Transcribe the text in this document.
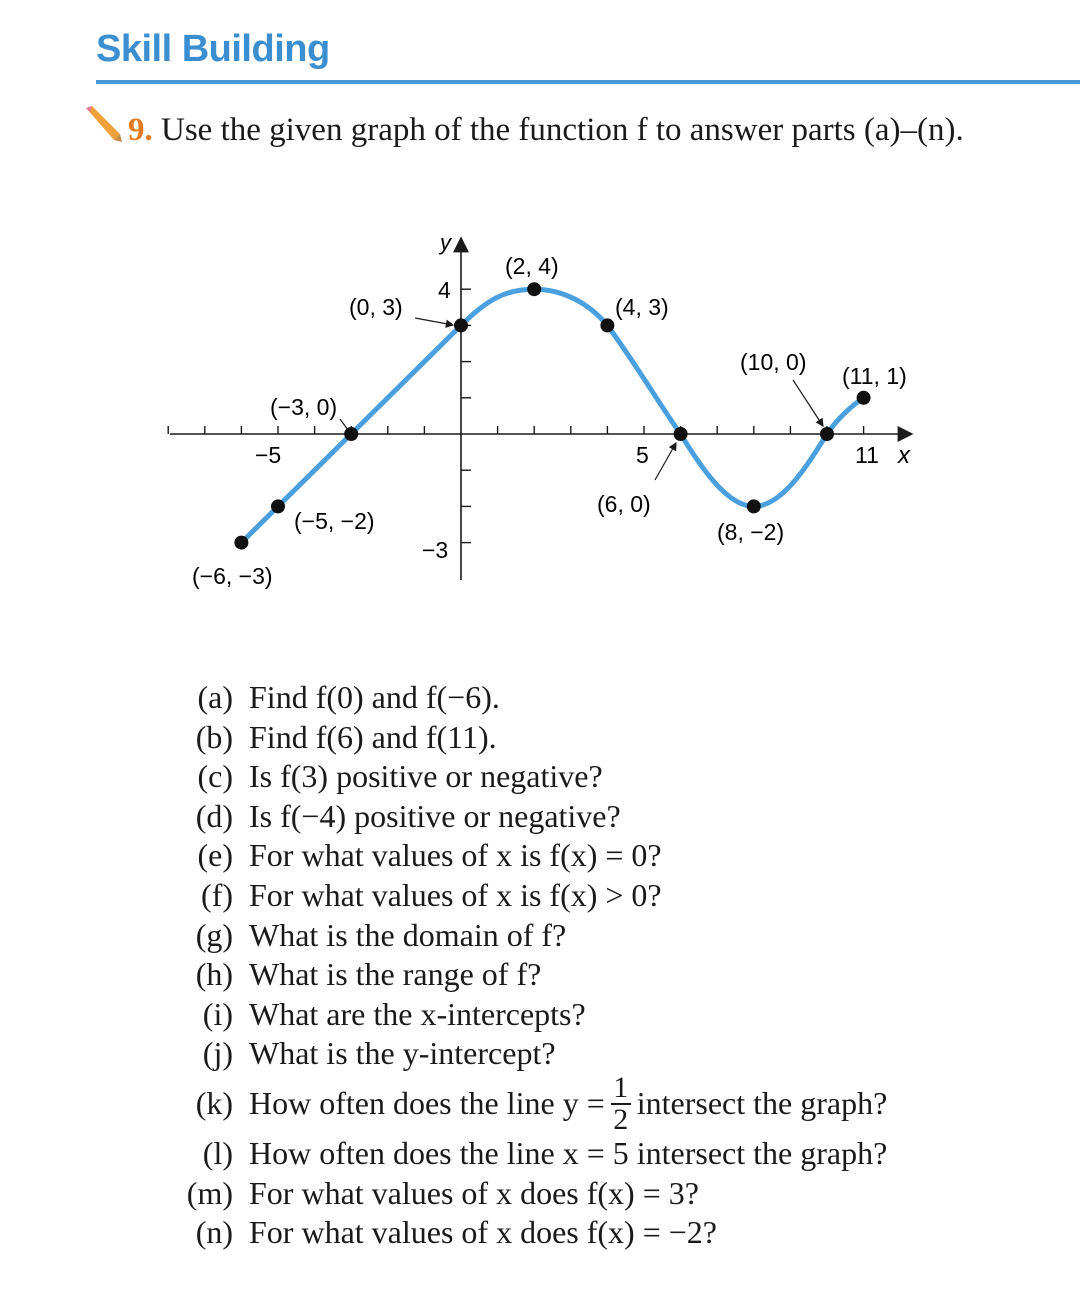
Skill Building
9. Use the given graph of the function f to answer parts (a)–(n).
y
x
−5	5	11
4
−3
(−6, −3)
(−5, −2)
(−3, 0)
(0, 3)
(2, 4)
(4, 3)
(6, 0)
(8, −2)
(10, 0)
(11, 1)
(a)
Find f(0) and f(−6).
(b)
Find f(6) and f(11).
(c)
Is f(3) positive or negative?
(d)
Is f(−4) positive or negative?
(e)
For what values of x is f(x) = 0?
(f)
For what values of x is f(x) > 0?
(g)
What is the domain of f?
(h)
What is the range of f?
(i)
What are the x-intercepts?
(j)
What is the y-intercept?
(k)
How often does the line $y = \frac{1}{2}$ intersect the graph?
(l)
How often does the line x = 5 intersect the graph?
(m)
For what values of x does f(x) = 3?
(n)
For what values of x does f(x) = −2?
